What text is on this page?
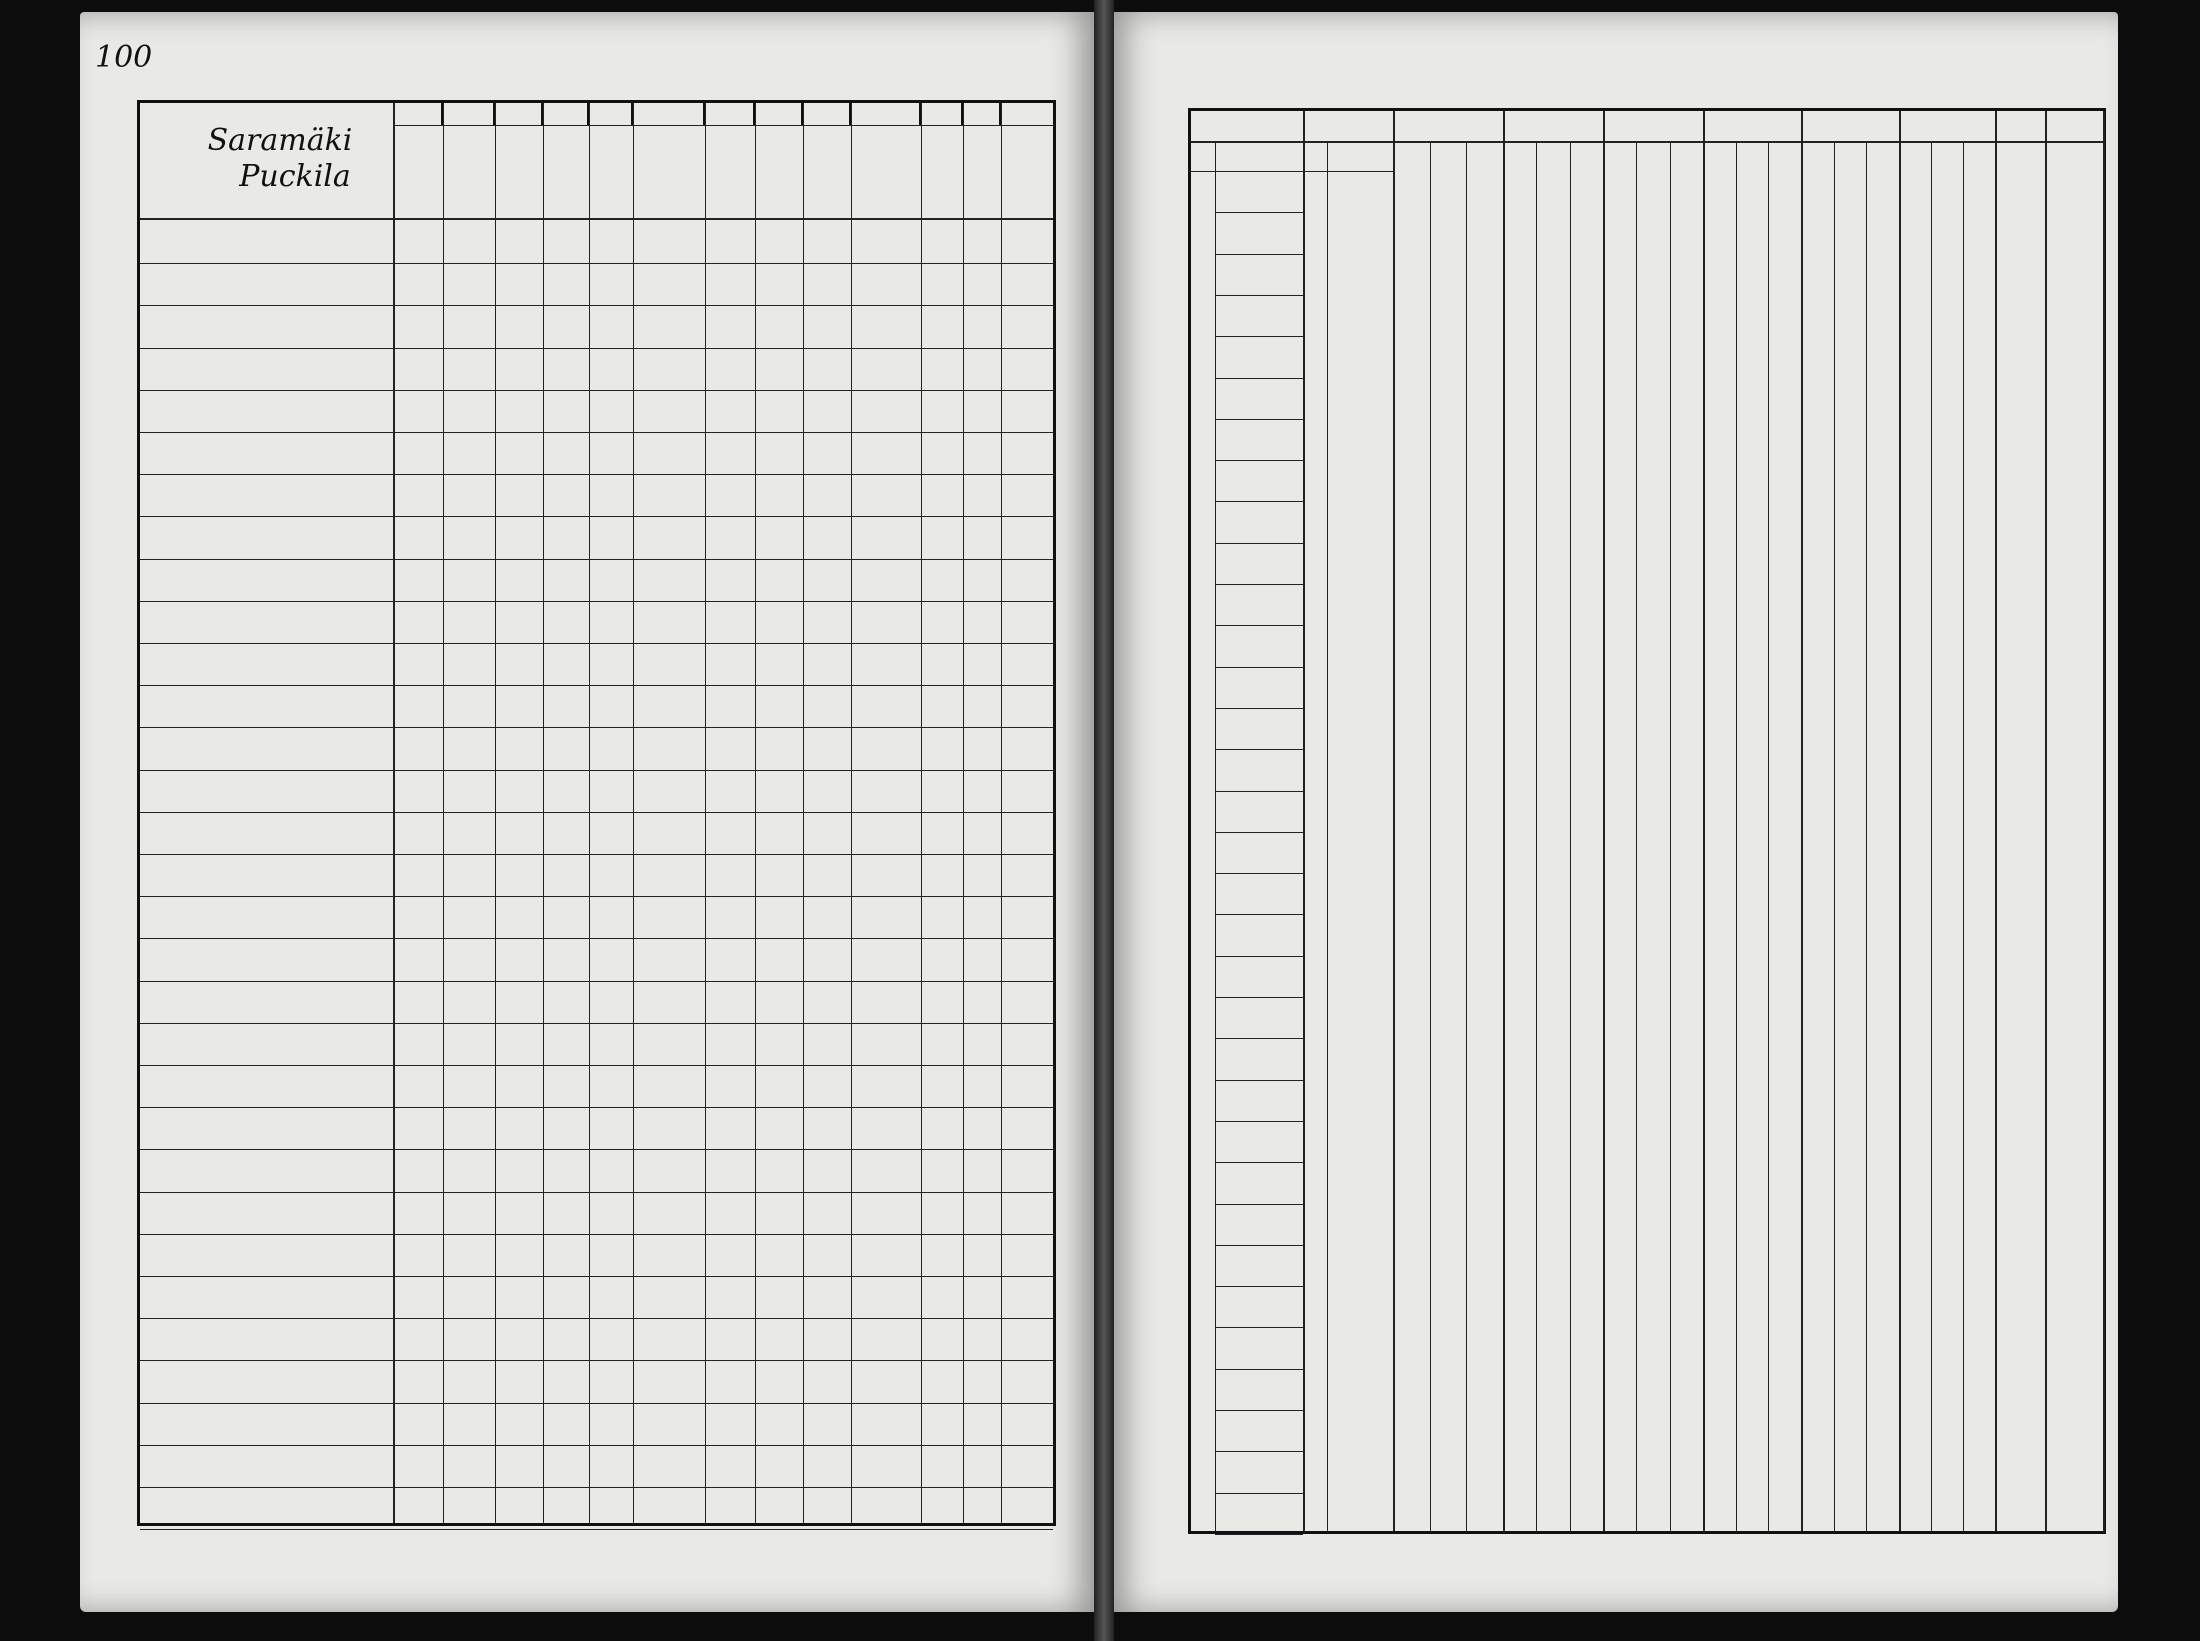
100
Saramäki
Puckila
